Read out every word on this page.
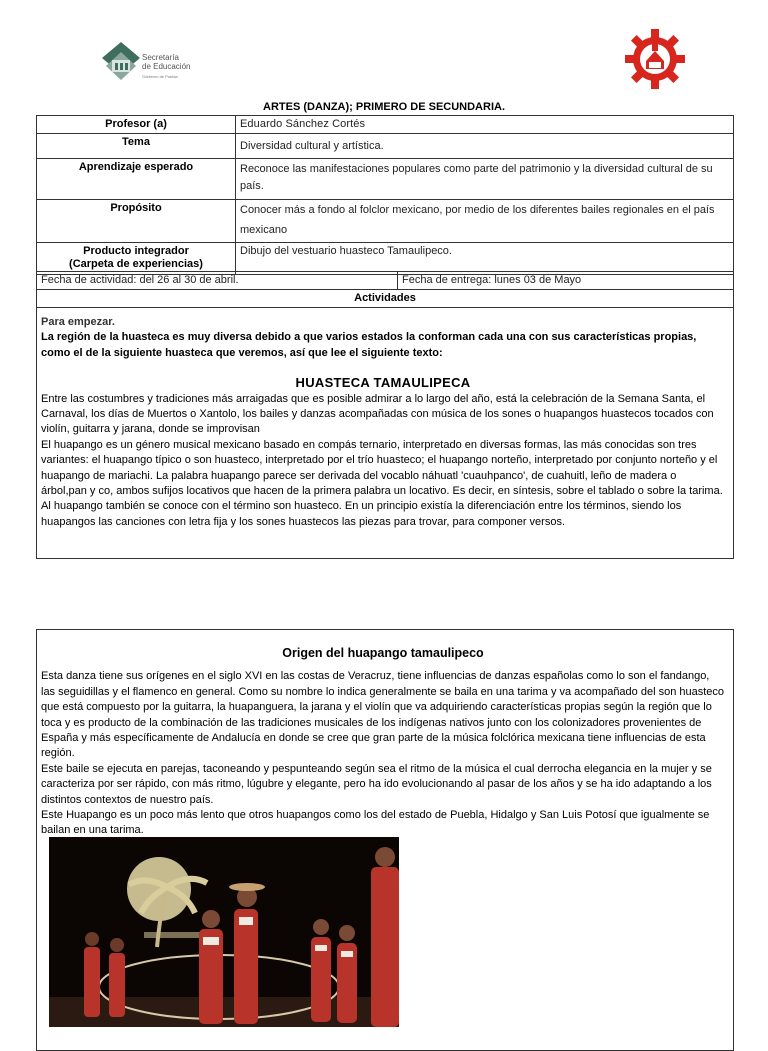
Secretaría
de Educación
Gobierno de Puebla
ARTES (DANZA); PRIMERO DE SECUNDARIA.
Profesor (a)	Eduardo Sánchez Cortés
Tema	Diversidad cultural y artística.
Aprendizaje esperado	Reconoce las manifestaciones populares como parte del patrimonio y la diversidad cultural de su país.
Propósito	Conocer más a fondo al folclor mexicano, por medio de los diferentes bailes regionales en el país mexicano

Producto integrador
(Carpeta de experiencias)	Dibujo del vestuario huasteco Tamaulipeco.
Fecha de actividad: del 26 al 30 de abril.	Fecha de entrega: lunes 03 de Mayo
Actividades
Para empezar.
La región de la huasteca es muy diversa debido a que varios estados la conforman cada una con sus características propias, como el de la siguiente huasteca que veremos, así que lee el siguiente texto:
HUASTECA TAMAULIPECA
Entre las costumbres y tradiciones más arraigadas que es posible admirar a lo largo del año, está la celebración de la Semana Santa, el Carnaval, los días de Muertos o Xantolo, los bailes y danzas acompañadas con música de los sones o huapangos huastecos tocados con violín, guitarra y jarana, donde se improvisan
El huapango es un género musical mexicano basado en compás ternario, interpretado en diversas formas, las más conocidas son tres variantes: el huapango típico o son huasteco, interpretado por el trío huasteco; el huapango norteño, interpretado por conjunto norteño y el huapango de mariachi. La palabra huapango parece ser derivada del vocablo náhuatl 'cuauhpanco', de cuahuitl, leño de madera o árbol,pan y co, ambos sufijos locativos que hacen de la primera palabra un locativo. Es decir, en síntesis, sobre el tablado o sobre la tarima. Al huapango también se conoce con el término son huasteco. En un principio existía la diferenciación entre los términos, siendo los huapangos las canciones con letra fija y los sones huastecos las piezas para trovar, para componer versos.
Origen del huapango tamaulipeco
Esta danza tiene sus orígenes en el siglo XVI en las costas de Veracruz, tiene influencias de danzas españolas como lo son el fandango, las seguidillas y el flamenco en general. Como su nombre lo indica generalmente se baila en una tarima y va acompañado del son huasteco que está compuesto por la guitarra, la huapanguera, la jarana y el violín que va adquiriendo características propias según la región que lo toca y es producto de la combinación de las tradiciones musicales de los indígenas nativos junto con los colonizadores provenientes de España y más específicamente de Andalucía en donde se cree que gran parte de la música folclórica mexicana tiene influencias de esta región.
Este baile se ejecuta en parejas, taconeando y pespunteando según sea el ritmo de la música el cual derrocha elegancia en la mujer y se caracteriza por ser rápido, con más ritmo, lúgubre y elegante, pero ha ido evolucionando al pasar de los años y se ha ido adaptando a los distintos contextos de nuestro país.
Este Huapango es un poco más lento que otros huapangos como los del estado de Puebla, Hidalgo y San Luis Potosí que igualmente se bailan en una tarima.
